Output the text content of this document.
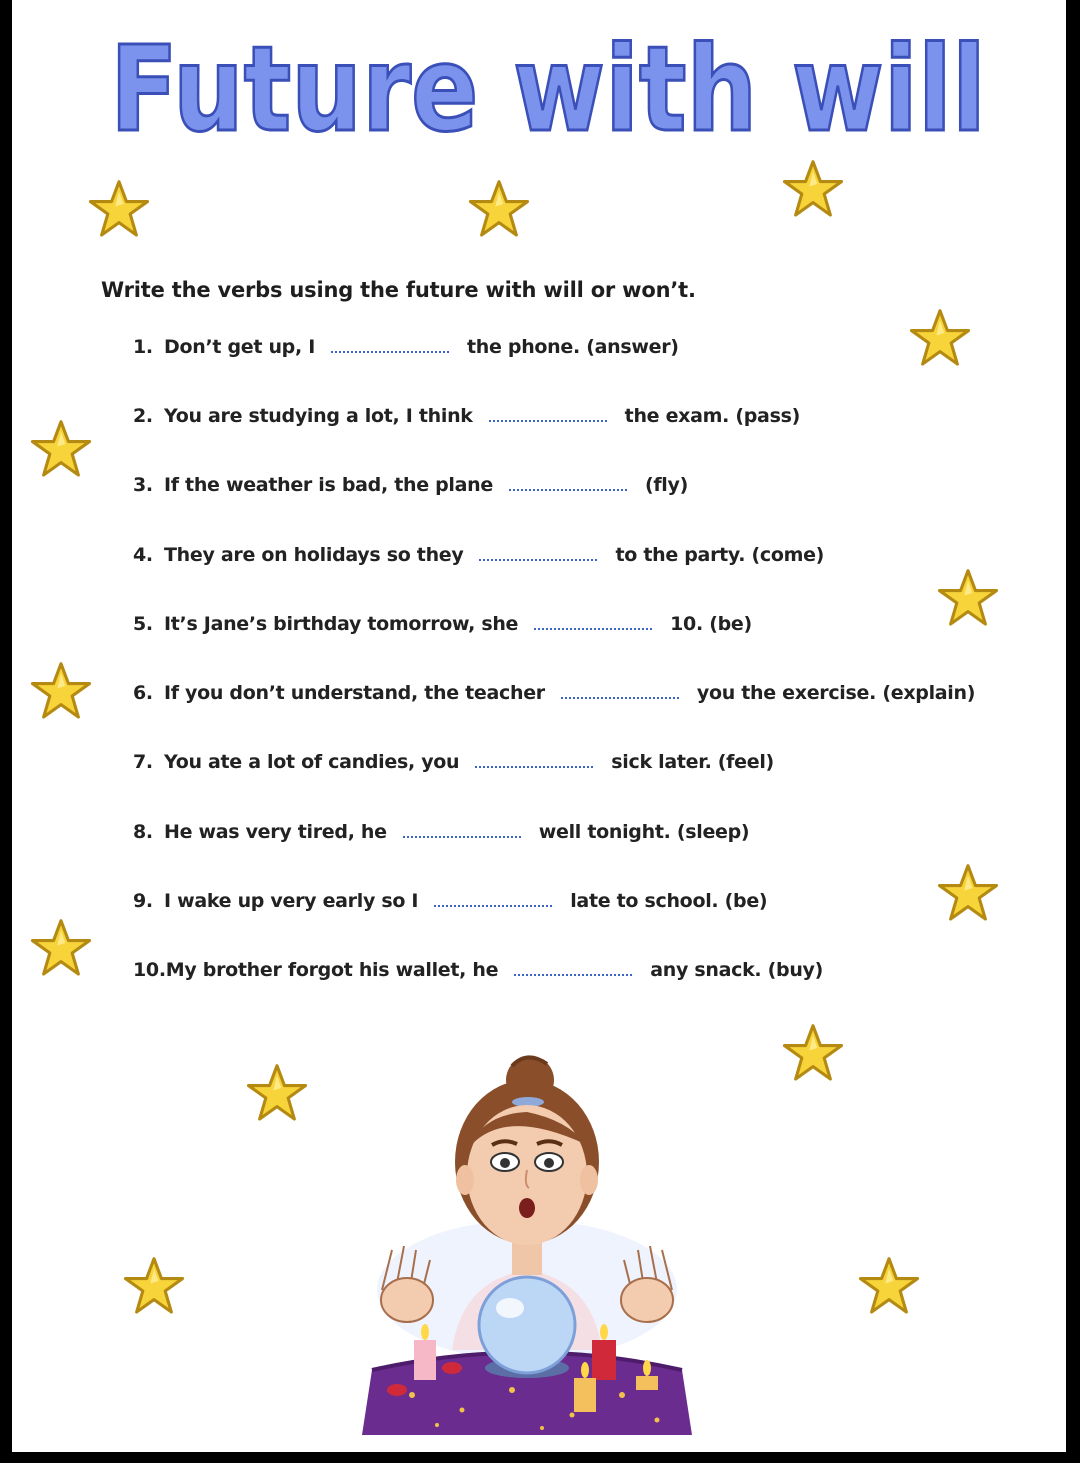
Future with will
Write the verbs using the future with will or won’t.
1. Don’t get up, I	the phone. (answer)
2. You are studying a lot, I think	the exam. (pass)
3. If the weather is bad, the plane	(fly)
4. They are on holidays so they	to the party. (come)
5. It’s Jane’s birthday tomorrow, she	10. (be)
6. If you don’t understand, the teacher	you the exercise. (explain)
7. You ate a lot of candies, you	sick later. (feel)
8. He was very tired, he	well tonight. (sleep)
9. I wake up very early so I	late to school. (be)
10. My brother forgot his wallet, he	any snack. (buy)
